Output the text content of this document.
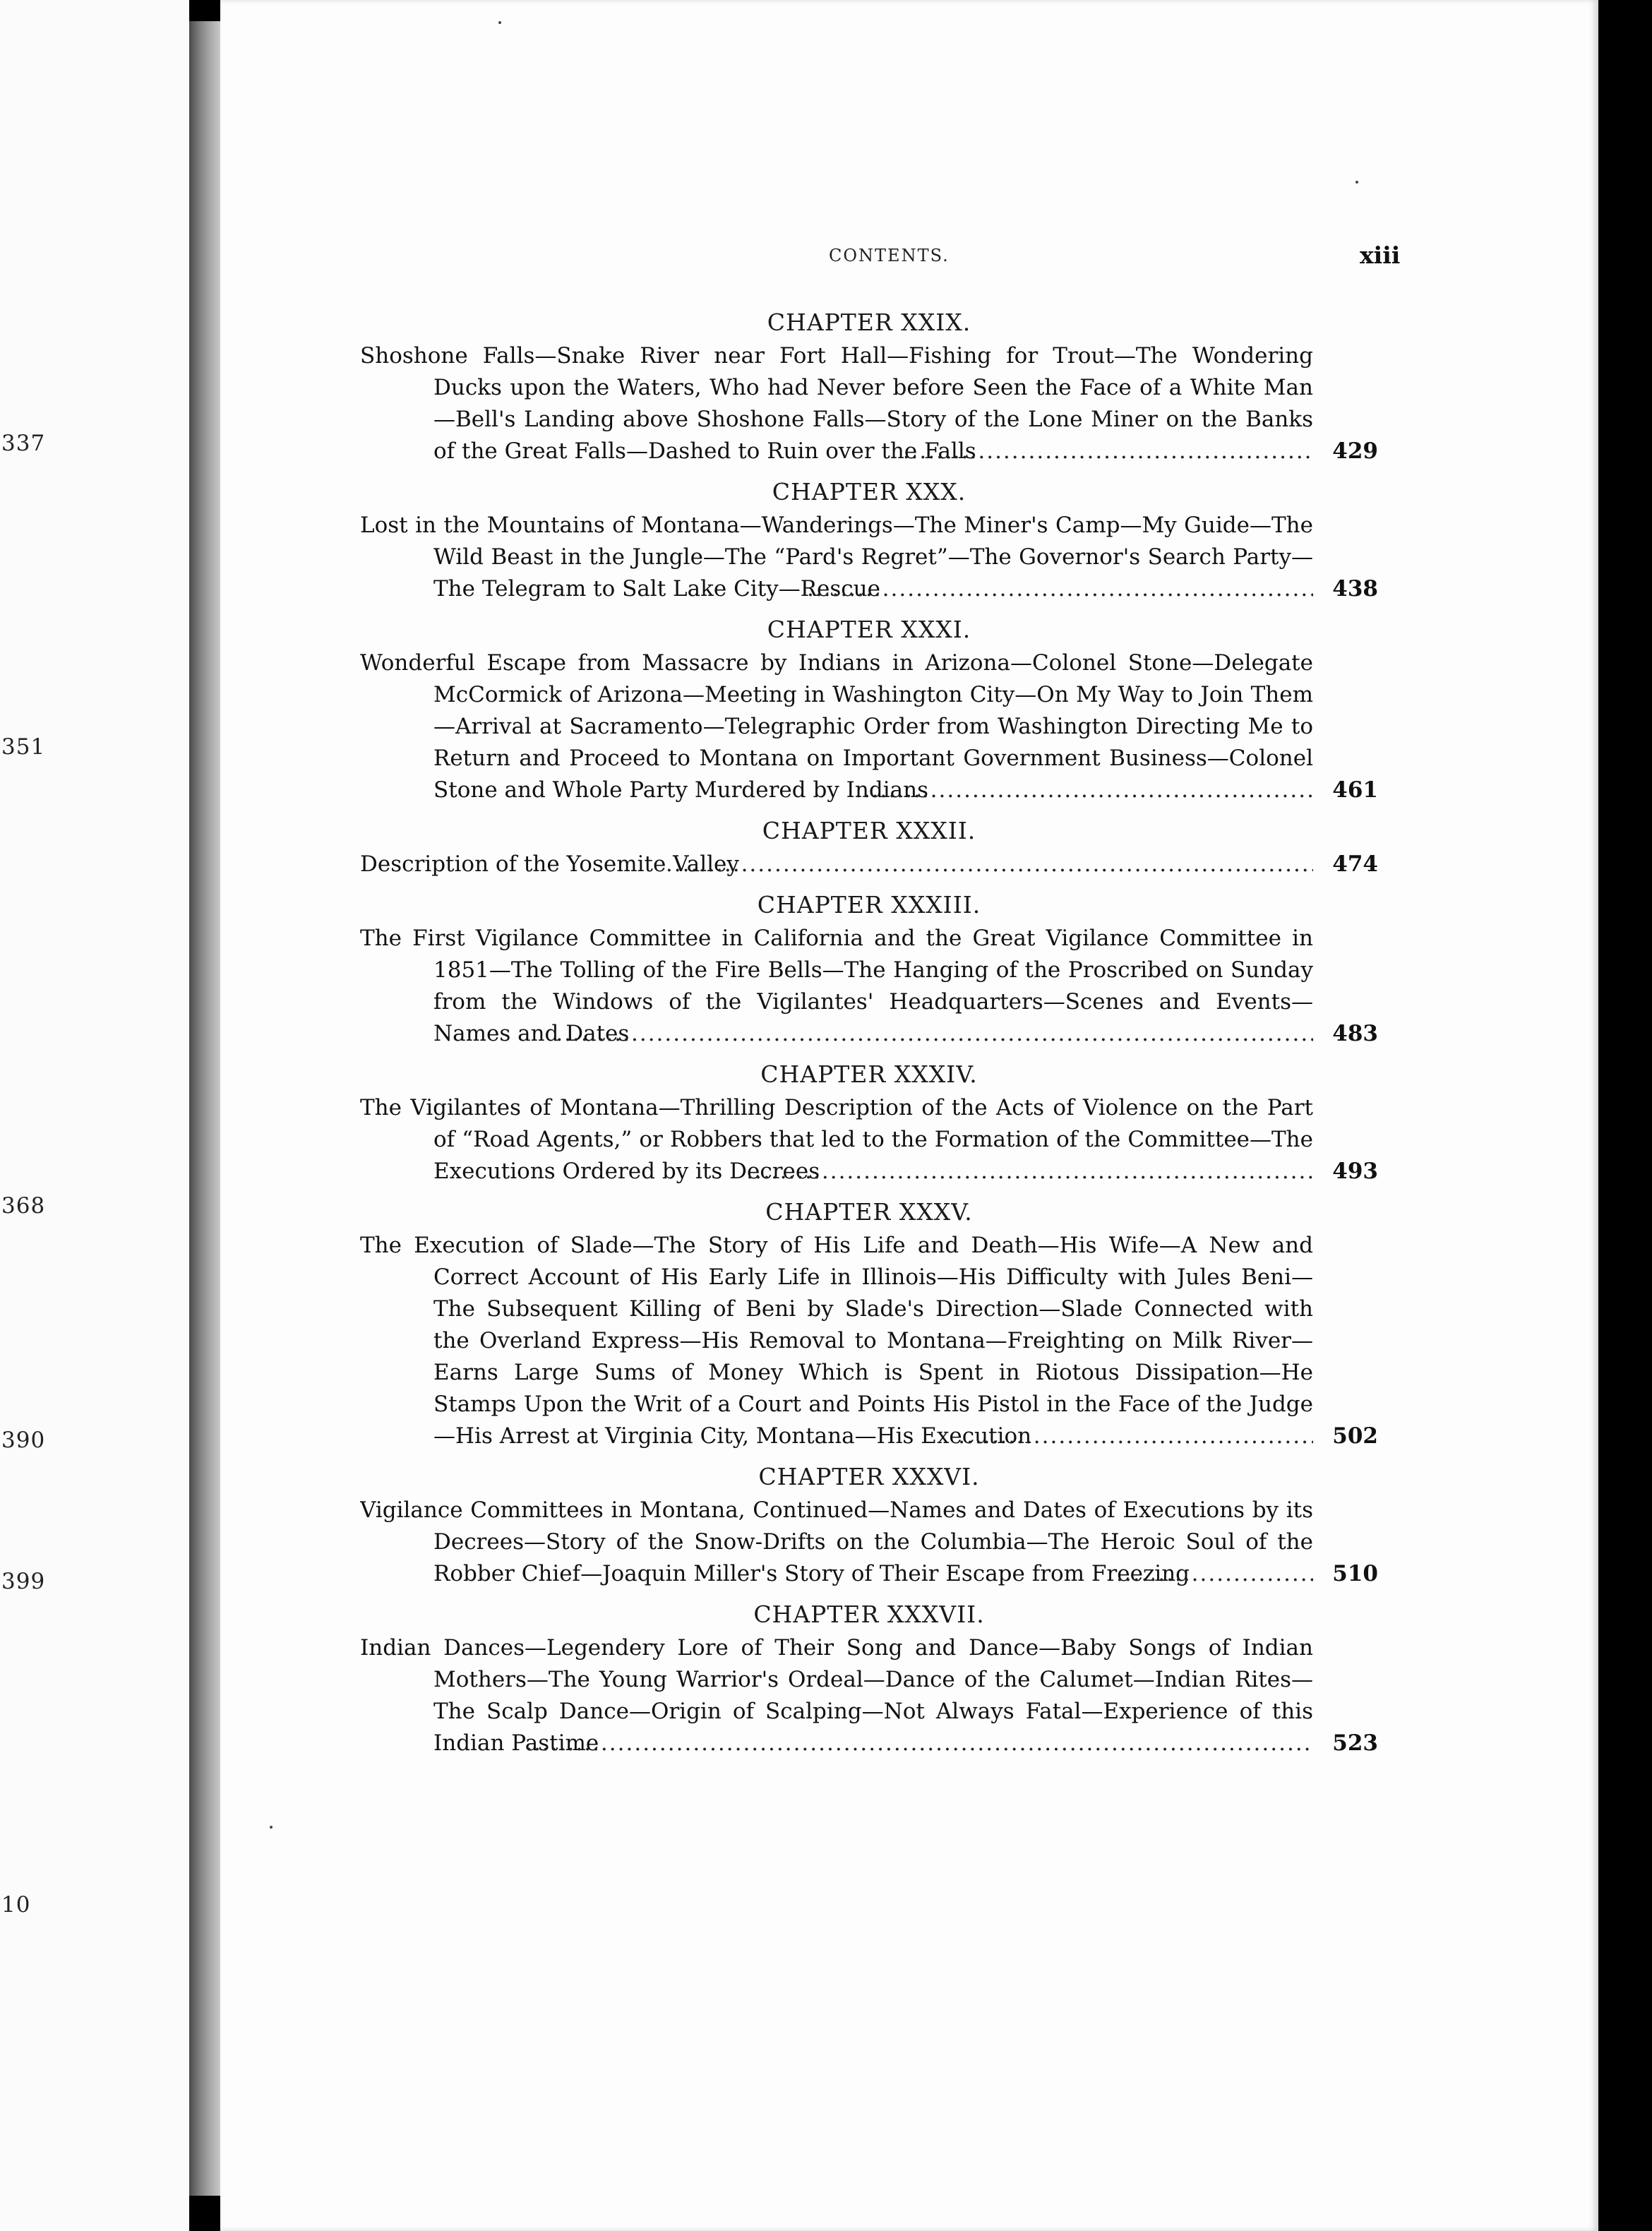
337
351
368
390
399
10
CONTENTS.	xiii
CHAPTER XXIX.
Shoshone Falls—Snake River near Fort Hall—Fishing for Trout—The Wondering Ducks upon the Waters, Who had Never before Seen the Face of a White Man—Bell's Landing above Shoshone Falls—Story of the Lone Miner on the Banks of the Great Falls—Dashed to Ruin over the Falls .....	429
CHAPTER XXX.
Lost in the Mountains of Montana—Wanderings—The Miner's Camp—My Guide—The Wild Beast in the Jungle—The “Pard's Regret”—The Governor's Search Party—The Telegram to Salt Lake City—Rescue .....	438
CHAPTER XXXI.
Wonderful Escape from Massacre by Indians in Arizona—Colonel Stone—Delegate McCormick of Arizona—Meeting in Washington City—On My Way to Join Them—Arrival at Sacramento—Telegraphic Order from Washington Directing Me to Return and Proceed to Montana on Important Government Business—Colonel Stone and Whole Party Murdered by Indians .....	461
CHAPTER XXXII.
Description of the Yosemite Valley .....	474
CHAPTER XXXIII.
The First Vigilance Committee in California and the Great Vigilance Committee in 1851—The Tolling of the Fire Bells—The Hanging of the Proscribed on Sunday from the Windows of the Vigilantes' Headquarters—Scenes and Events—Names and Dates .....	483
CHAPTER XXXIV.
The Vigilantes of Montana—Thrilling Description of the Acts of Violence on the Part of “Road Agents,” or Robbers that led to the Formation of the Committee—The Executions Ordered by its Decrees .....	493
CHAPTER XXXV.
The Execution of Slade—The Story of His Life and Death—His Wife—A New and Correct Account of His Early Life in Illinois—His Difficulty with Jules Beni—The Subsequent Killing of Beni by Slade's Direction—Slade Connected with the Overland Express—His Removal to Montana—Freighting on Milk River—Earns Large Sums of Money Which is Spent in Riotous Dissipation—He Stamps Upon the Writ of a Court and Points His Pistol in the Face of the Judge—His Arrest at Virginia City, Montana—His Execution .....	502
CHAPTER XXXVI.
Vigilance Committees in Montana, Continued—Names and Dates of Executions by its Decrees—Story of the Snow-Drifts on the Columbia—The Heroic Soul of the Robber Chief—Joaquin Miller's Story of Their Escape from Freezing .....	510
CHAPTER XXXVII.
Indian Dances—Legendery Lore of Their Song and Dance—Baby Songs of Indian Mothers—The Young Warrior's Ordeal—Dance of the Calumet—Indian Rites—The Scalp Dance—Origin of Scalping—Not Always Fatal—Experience of this Indian Pastime .....	523
